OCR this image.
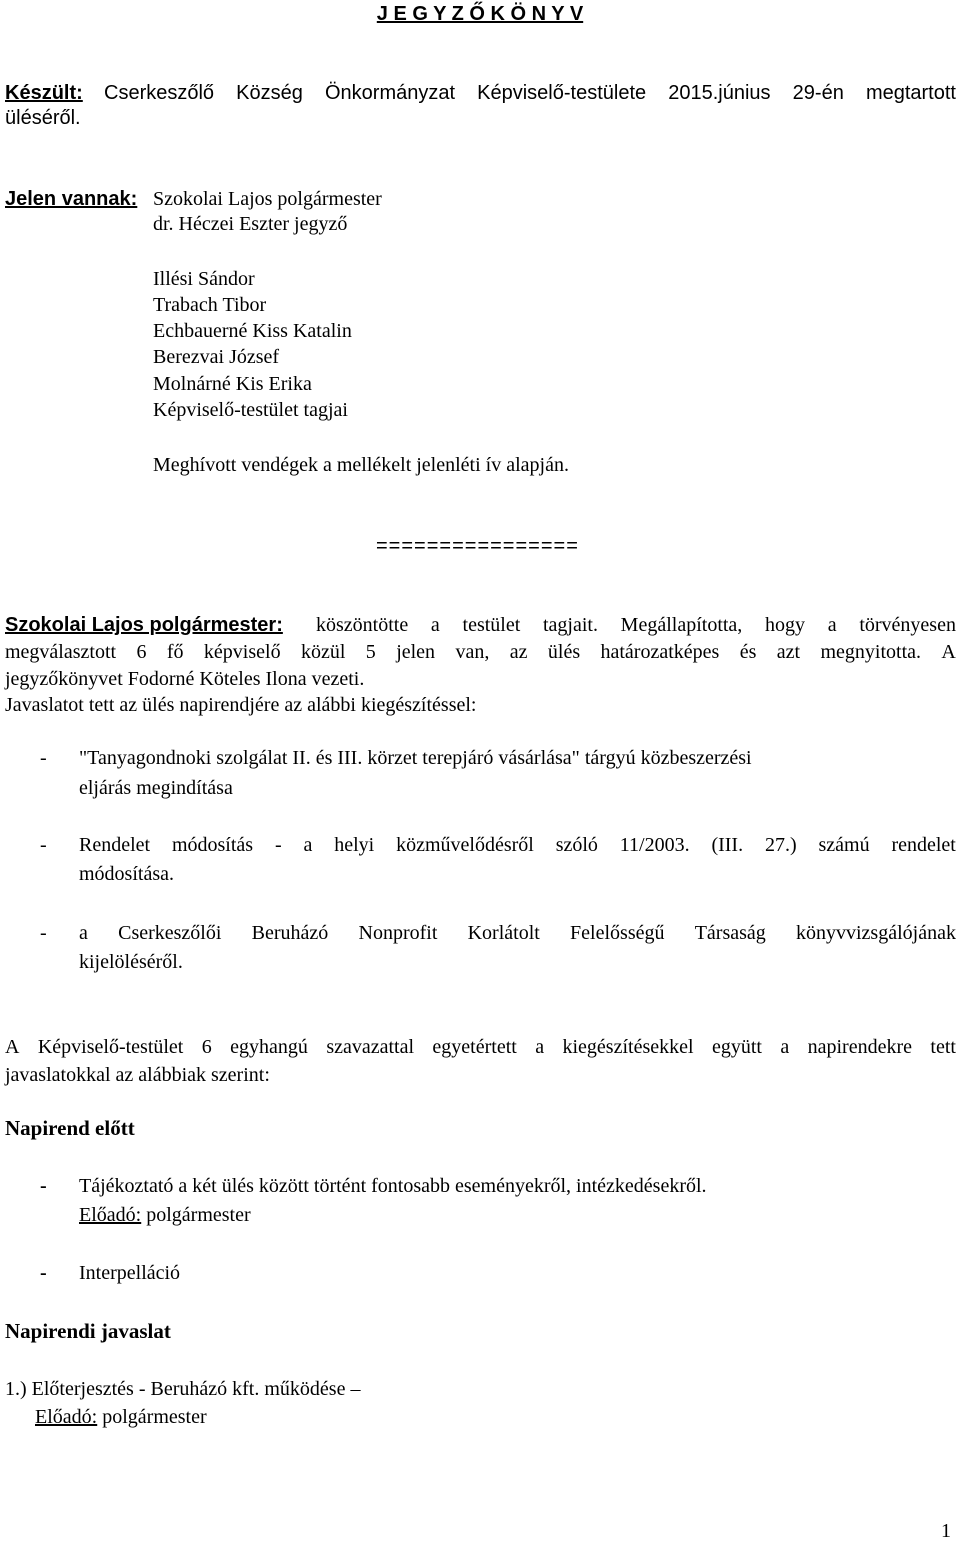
J E G Y Z Ő K Ö N Y V
Készült: Cserkeszőlő Község Önkormányzat Képviselő-testülete 2015.június 29-én megtartott
üléséről.
Jelen vannak: Szokolai Lajos polgármester
dr. Héczei Eszter jegyző
Illési Sándor
Trabach Tibor
Echbauerné Kiss Katalin
Berezvai József
Molnárné Kis Erika
Képviselő-testület tagjai
Meghívott vendégek a mellékelt jelenléti ív alapján.
================
Szokolai Lajos polgármester: köszöntötte a testület tagjait. Megállapította, hogy a törvényesen
megválasztott 6 fő képviselő közül 5 jelen van, az ülés határozatképes és azt megnyitotta. A
jegyzőkönyvet Fodorné Köteles Ilona vezeti.
Javaslatot tett az ülés napirendjére az alábbi kiegészítéssel:
- "Tanyagondnoki szolgálat II. és III. körzet terepjáró vásárlása" tárgyú közbeszerzési
eljárás megindítása
- Rendelet módosítás - a helyi közművelődésről szóló 11/2003. (III. 27.) számú rendelet
módosítása.
- a Cserkeszőlői Beruházó Nonprofit Korlátolt Felelősségű Társaság könyvvizsgálójának
kijelöléséről.
A Képviselő-testület 6 egyhangú szavazattal egyetértett a kiegészítésekkel együtt a napirendekre tett
javaslatokkal az alábbiak szerint:
Napirend előtt
- Tájékoztató a két ülés között történt fontosabb eseményekről, intézkedésekről.
Előadó: polgármester
- Interpelláció
Napirendi javaslat
1.) Előterjesztés - Beruházó kft. működése –
Előadó: polgármester
1
